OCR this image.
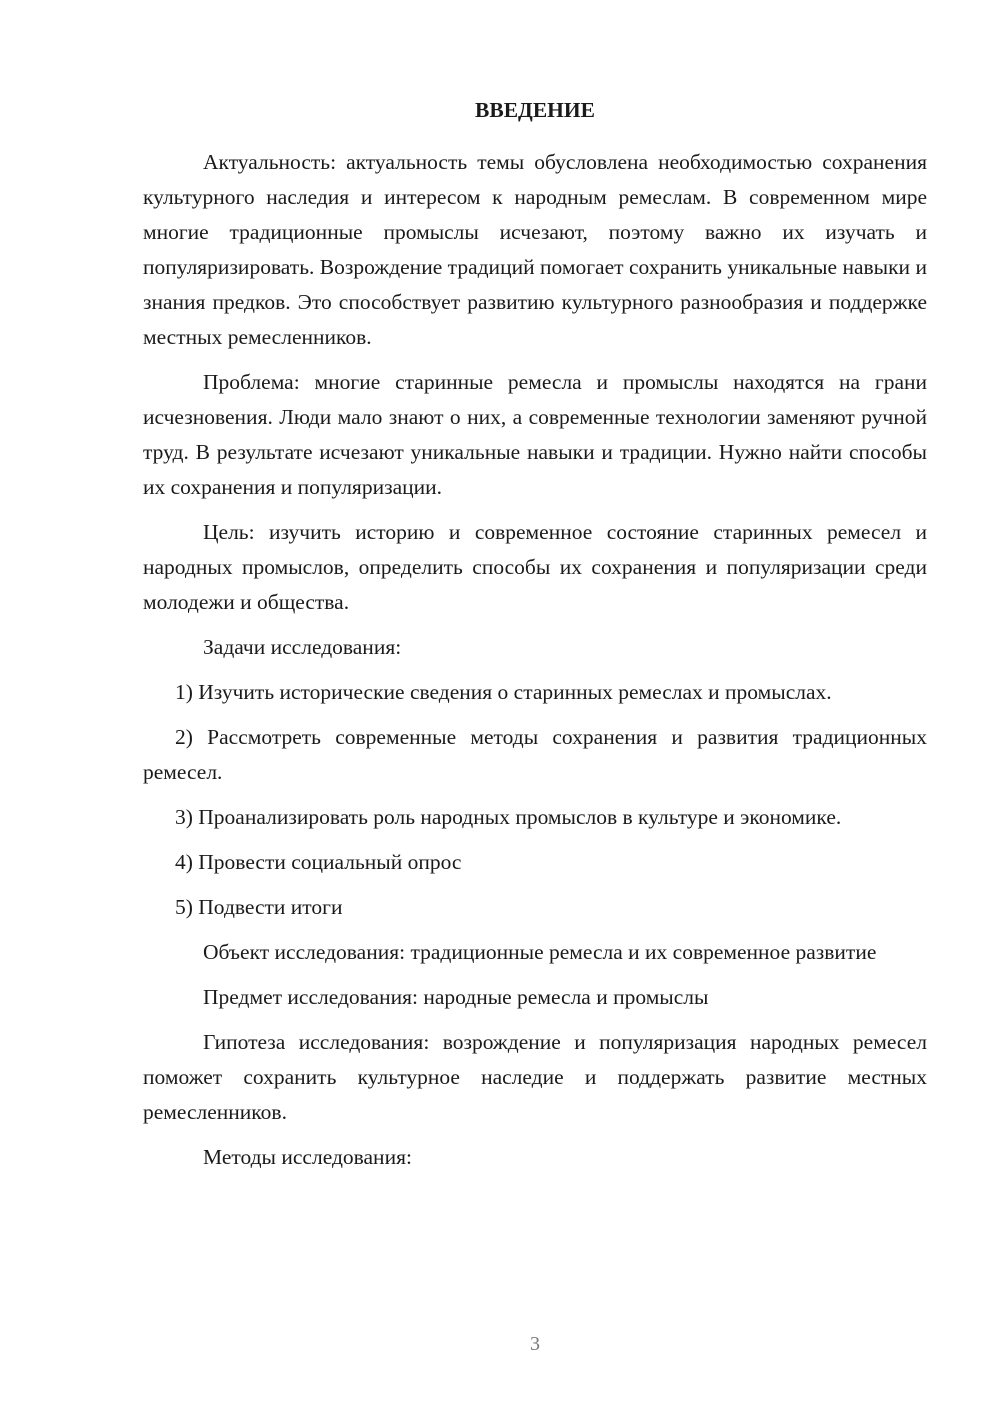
ВВЕДЕНИЕ

Актуальность: актуальность темы обусловлена необходимостью сохранения культурного наследия и интересом к народным ремеслам. В современном мире многие традиционные промыслы исчезают, поэтому важно их изучать и популяризировать. Возрождение традиций помогает сохранить уникальные навыки и знания предков. Это способствует развитию культурного разнообразия и поддержке местных ремесленников.

Проблема: многие старинные ремесла и промыслы находятся на грани исчезновения. Люди мало знают о них, а современные технологии заменяют ручной труд. В результате исчезают уникальные навыки и традиции. Нужно найти способы их сохранения и популяризации.

Цель: изучить историю и современное состояние старинных ремесел и народных промыслов, определить способы их сохранения и популяризации среди молодежи и общества.

Задачи исследования:

1) Изучить исторические сведения о старинных ремеслах и промыслах.

2) Рассмотреть современные методы сохранения и развития традиционных ремесел.

3) Проанализировать роль народных промыслов в культуре и экономике.

4) Провести социальный опрос

5) Подвести итоги

Объект исследования: традиционные ремесла и их современное развитие

Предмет исследования: народные ремесла и промыслы

Гипотеза исследования: возрождение и популяризация народных ремесел поможет сохранить культурное наследие и поддержать развитие местных ремесленников.

Методы исследования:

3
